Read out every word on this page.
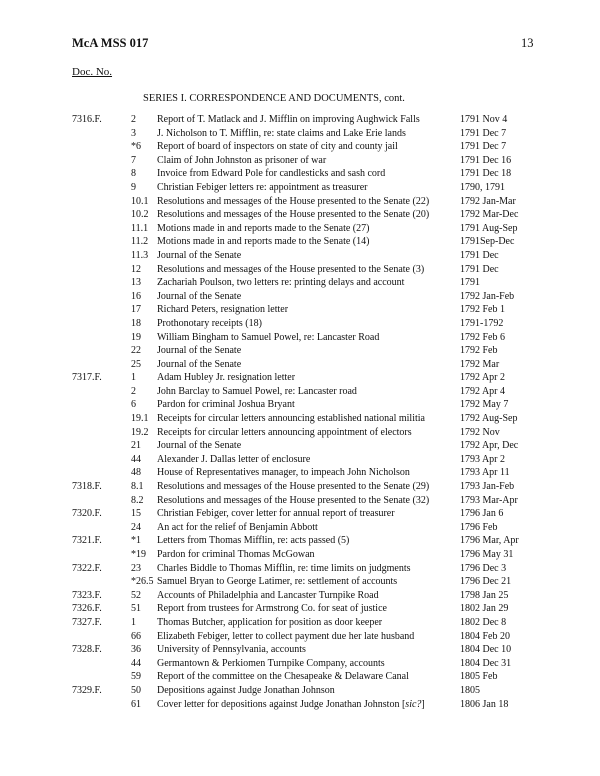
McA MSS 017	13
Doc. No.
SERIES I. CORRESPONDENCE AND DOCUMENTS, cont.
7316.F.	2 Report of T. Matlack and J. Mifflin on improving Aughwick Falls	1791 Nov 4
3 J. Nicholson to T. Mifflin, re: state claims and Lake Erie lands	1791 Dec 7
*6 Report of board of inspectors on state of city and county jail	1791 Dec 7
7 Claim of John Johnston as prisoner of war	1791 Dec 16
8 Invoice from Edward Pole for candlesticks and sash cord	1791 Dec 18
9 Christian Febiger letters re: appointment as treasurer	1790, 1791
10.1 Resolutions and messages of the House presented to the Senate (22)	1792 Jan-Mar
10.2 Resolutions and messages of the House presented to the Senate (20)	1792 Mar-Dec
11.1 Motions made in and reports made to the Senate (27)	1791 Aug-Sep
11.2 Motions made in and reports made to the Senate (14)	1791Sep-Dec
11.3 Journal of the Senate	1791 Dec
12 Resolutions and messages of the House presented to the Senate (3)	1791 Dec
13 Zachariah Poulson, two letters re: printing delays and account	1791
16 Journal of the Senate	1792 Jan-Feb
17 Richard Peters, resignation letter	1792 Feb 1
18 Prothonotary receipts (18)	1791-1792
19 William Bingham to Samuel Powel, re: Lancaster Road	1792 Feb 6
22 Journal of the Senate	1792 Feb
25 Journal of the Senate	1792 Mar
7317.F.	1 Adam Hubley Jr. resignation letter	1792 Apr 2
2 John Barclay to Samuel Powel, re: Lancaster road	1792 Apr 4
6 Pardon for criminal Joshua Bryant	1792 May 7
19.1 Receipts for circular letters announcing established national militia	1792 Aug-Sep
19.2 Receipts for circular letters announcing appointment of electors	1792 Nov
21 Journal of the Senate	1792 Apr, Dec
44 Alexander J. Dallas letter of enclosure	1793 Apr 2
48 House of Representatives manager, to impeach John Nicholson	1793 Apr 11
7318.F.	8.1 Resolutions and messages of the House presented to the Senate (29)	1793 Jan-Feb
8.2 Resolutions and messages of the House presented to the Senate (32)	1793 Mar-Apr
7320.F.	15 Christian Febiger, cover letter for annual report of treasurer	1796 Jan 6
24 An act for the relief of Benjamin Abbott	1796 Feb
7321.F.	*1 Letters from Thomas Mifflin, re: acts passed (5)	1796 Mar, Apr
*19 Pardon for criminal Thomas McGowan	1796 May 31
7322.F.	23 Charles Biddle to Thomas Mifflin, re: time limits on judgments	1796 Dec 3
*26.5 Samuel Bryan to George Latimer, re: settlement of accounts	1796 Dec 21
7323.F.	52 Accounts of Philadelphia and Lancaster Turnpike Road	1798 Jan 25
7326.F.	51 Report from trustees for Armstrong Co. for seat of justice	1802 Jan 29
7327.F.	1 Thomas Butcher, application for position as door keeper	1802 Dec 8
66 Elizabeth Febiger, letter to collect payment due her late husband	1804 Feb 20
7328.F.	36 University of Pennsylvania, accounts	1804 Dec 10
44 Germantown & Perkiomen Turnpike Company, accounts	1804 Dec 31
59 Report of the committee on the Chesapeake & Delaware Canal	1805 Feb
7329.F.	50 Depositions against Judge Jonathan Johnson	1805
61 Cover letter for depositions against Judge Jonathan Johnston [sic?]	1806 Jan 18
